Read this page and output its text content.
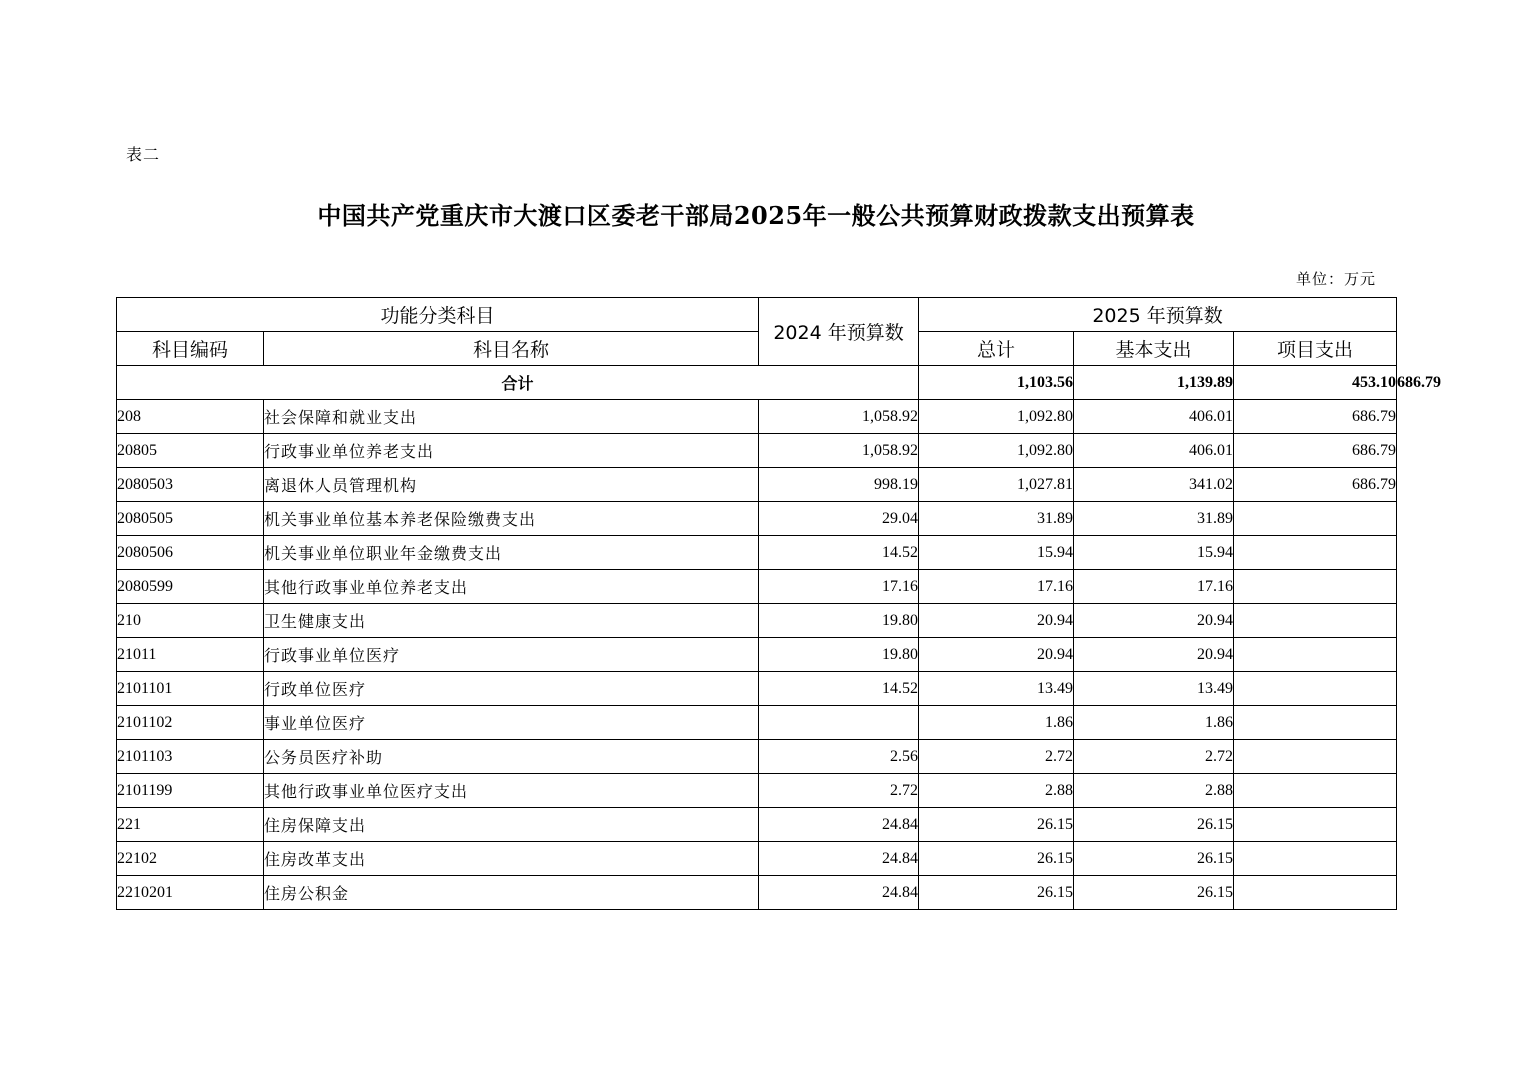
表二
中国共产党重庆市大渡口区委老干部局2025年一般公共预算财政拨款支出预算表
单位：万元
功能分类科目		2024 年预算数	2025 年预算数			
科目编码	科目名称		总计	基本支出	项目支出	
合计			1,103.56	1,139.89	453.10	686.79
208	社会保障和就业支出	1,058.92	1,092.80	406.01	686.79	
20805	行政事业单位养老支出	1,058.92	1,092.80	406.01	686.79	
2080503	离退休人员管理机构	998.19	1,027.81	341.02	686.79	
2080505	机关事业单位基本养老保险缴费支出	29.04	31.89	31.89		
2080506	机关事业单位职业年金缴费支出	14.52	15.94	15.94		
2080599	其他行政事业单位养老支出	17.16	17.16	17.16		
210	卫生健康支出	19.80	20.94	20.94		
21011	行政事业单位医疗	19.80	20.94	20.94		
2101101	行政单位医疗	14.52	13.49	13.49		
2101102	事业单位医疗		1.86	1.86		
2101103	公务员医疗补助	2.56	2.72	2.72		
2101199	其他行政事业单位医疗支出	2.72	2.88	2.88		
221	住房保障支出	24.84	26.15	26.15		
22102	住房改革支出	24.84	26.15	26.15		
2210201	住房公积金	24.84	26.15	26.15		
